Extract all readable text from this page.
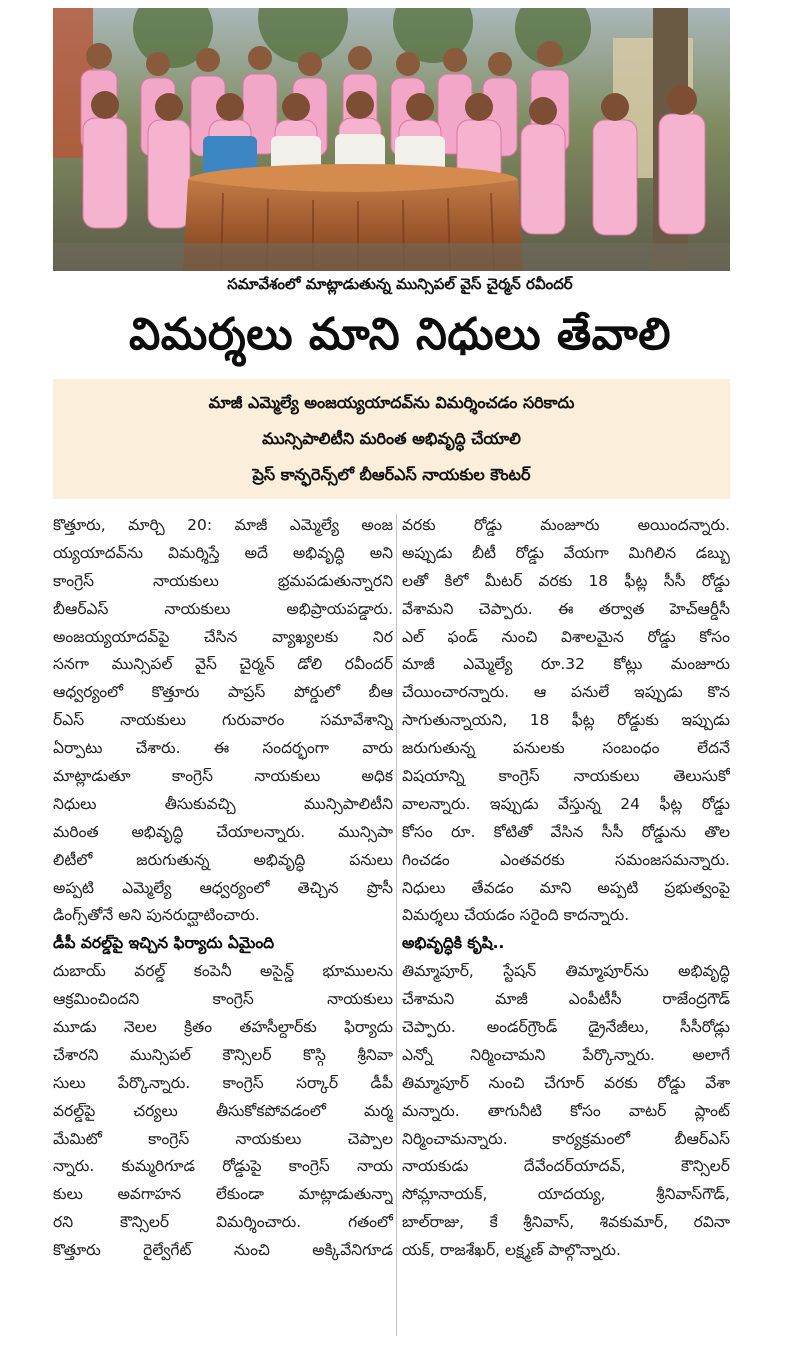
సమావేశంలో మాట్లాడుతున్న మున్సిపల్ వైస్ చైర్మన్ రవీందర్
విమర్శలు మాని నిధులు తేవాలి
మాజీ ఎమ్మెల్యే అంజయ్యయాదవ్‌ను విమర్శించడం సరికాదు
మున్సిపాలిటీని మరింత అభివృద్ధి చేయాలి
ప్రెస్ కాన్ఫరెన్స్‌లో బీఆర్ఎస్ నాయకుల కౌంటర్
కొత్తూరు, మార్చి 20: మాజీ ఎమ్మెల్యే అంజ
య్యయాదవ్‌ను విమర్శిస్తే అదే అభివృద్ధి అని
కాంగ్రెస్ నాయకులు భ్రమపడుతున్నారని
బీఆర్ఎస్ నాయకులు అభిప్రాయపడ్డారు.
అంజయ్యయాదవ్‌పై చేసిన వ్యాఖ్యలకు నిర
సనగా మున్సిపల్ వైస్ చైర్మన్ డోలి రవీందర్
ఆధ్వర్యంలో కొత్తూరు పాప్రస్ పోర్డులో బీఆ
ర్ఎస్ నాయకులు గురువారం సమావేశాన్ని
ఏర్పాటు చేశారు. ఈ సందర్భంగా వారు
మాట్లాడుతూ కాంగ్రెస్ నాయకులు అధిక
నిధులు తీసుకువచ్చి మున్సిపాలిటీని
మరింత అభివృద్ధి చేయాలన్నారు. మున్సిపా
లిటీలో జరుగుతున్న అభివృద్ధి పనులు
అప్పటి ఎమ్మెల్యే ఆధ్వర్యంలో తెచ్చిన ప్రొసీ
డింగ్స్‌తోనే అని పునరుద్ఘాటించారు.
డీపీ వరల్డ్‌పై ఇచ్చిన ఫిర్యాదు ఏమైంది
దుబాయ్ వరల్డ్ కంపెనీ అసైన్డ్ భూములను
ఆక్రమించిందని కాంగ్రెస్ నాయకులు
మూడు నెలల క్రితం తహసీల్దార్‌కు ఫిర్యాదు
చేశారని మున్సిపల్ కౌన్సిలర్ కొస్గి శ్రీనివా
సులు పేర్కొన్నారు. కాంగ్రెస్ సర్కార్ డీపీ
వరల్డ్‌పై చర్యలు తీసుకోకపోవడంలో మర్మ
మేమిటో కాంగ్రెస్ నాయకులు చెప్పాల
న్నారు. కుమ్మరిగూడ రోడ్డుపై కాంగ్రెస్ నాయ
కులు అవగాహన లేకుండా మాట్లాడుతున్నా
రని కౌన్సిలర్ విమర్శించారు. గతంలో
కొత్తూరు రైల్వేగేట్ నుంచి అక్కివేనిగూడ
వరకు రోడ్డు మంజూరు అయిందన్నారు.
అప్పుడు బీటీ రోడ్డు వేయగా మిగిలిన డబ్బు
లతో కిలో మీటర్ వరకు 18 ఫీట్ల సీసీ రోడ్డు
వేశామని చెప్పారు. ఈ తర్వాత హెచ్ఆర్డీసీ
ఎల్ ఫండ్ నుంచి విశాలమైన రోడ్డు కోసం
మాజీ ఎమ్మెల్యే రూ.32 కోట్లు మంజూరు
చేయించారన్నారు. ఆ పనులే ఇప్పుడు కొన
సాగుతున్నాయని, 18 ఫీట్ల రోడ్డుకు ఇప్పుడు
జరుగుతున్న పనులకు సంబంధం లేదనే
విషయాన్ని కాంగ్రెస్ నాయకులు తెలుసుకో
వాలన్నారు. ఇప్పుడు వేస్తున్న 24 ఫీట్ల రోడ్డు
కోసం రూ. కోటితో వేసిన సీసీ రోడ్డును తొల
గించడం ఎంతవరకు సమంజసమన్నారు.
నిధులు తేవడం మాని అప్పటి ప్రభుత్వంపై
విమర్శలు చేయడం సరైంది కాదన్నారు.
అభివృద్ధికి కృషి..
తిమ్మాపూర్, స్టేషన్ తిమ్మాపూర్‌ను అభివృద్ధి
చేశామని మాజీ ఎంపీటీసీ రాజేంద్రగౌడ్
చెప్పారు. అండర్‌గ్రౌండ్ డ్రైనేజీలు, సీసీరోడ్లు
ఎన్నో నిర్మించామని పేర్కొన్నారు. అలాగే
తిమ్మాపూర్ నుంచి చేగూర్ వరకు రోడ్డు వేశా
మన్నారు. తాగునీటి కోసం వాటర్ ప్లాంట్
నిర్మించామన్నారు. కార్యక్రమంలో బీఆర్ఎస్
నాయకుడు దేవేందర్‌యాదవ్, కౌన్సిలర్
సోమ్లానాయక్, యాదయ్య, శ్రీనివాస్‌గౌడ్,
బాల్‌రాజు, కే శ్రీనివాస్, శివకుమార్, రవినా
యక్, రాజశేఖర్, లక్ష్మణ్ పాల్గొన్నారు.
